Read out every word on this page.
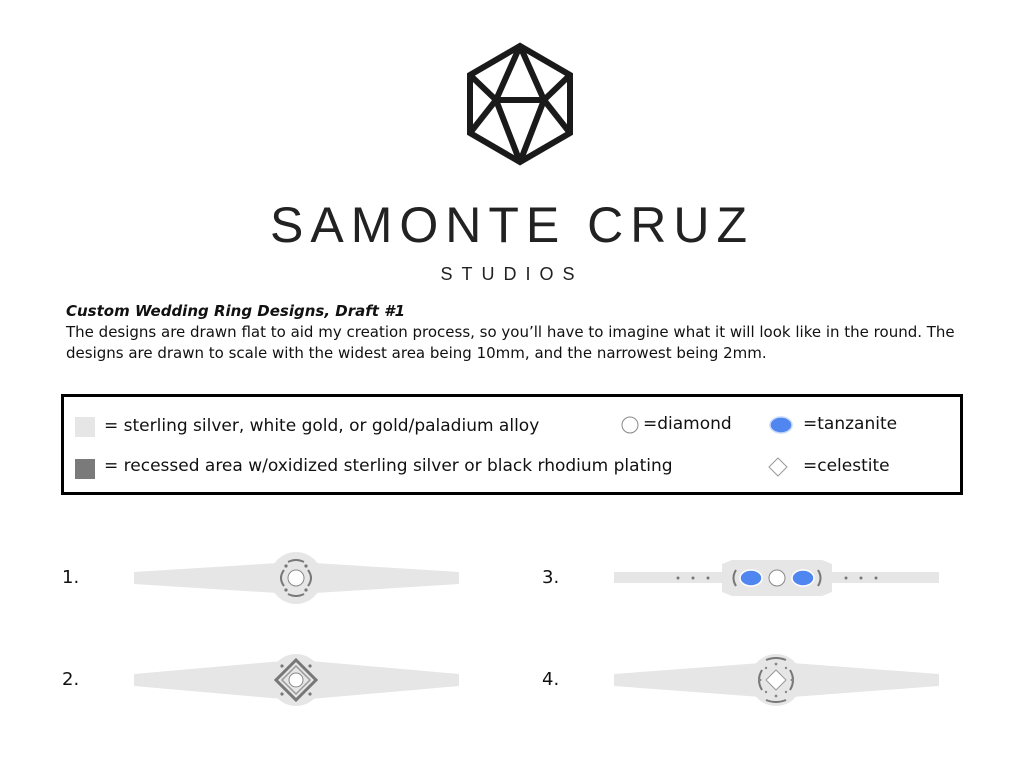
SAMONTE CRUZ
STUDIOS
Custom Wedding Ring Designs, Draft #1
The designs are drawn flat to aid my creation process, so you’ll have to imagine what it will look like in the round. The designs are drawn to scale with the widest area being 10mm, and the narrowest being 2mm.
= sterling silver, white gold, or gold/paladium alloy
= recessed area w/oxidized sterling silver or black rhodium plating
=diamond	=tanzanite
=celestite
1.
2.
3.
4.
